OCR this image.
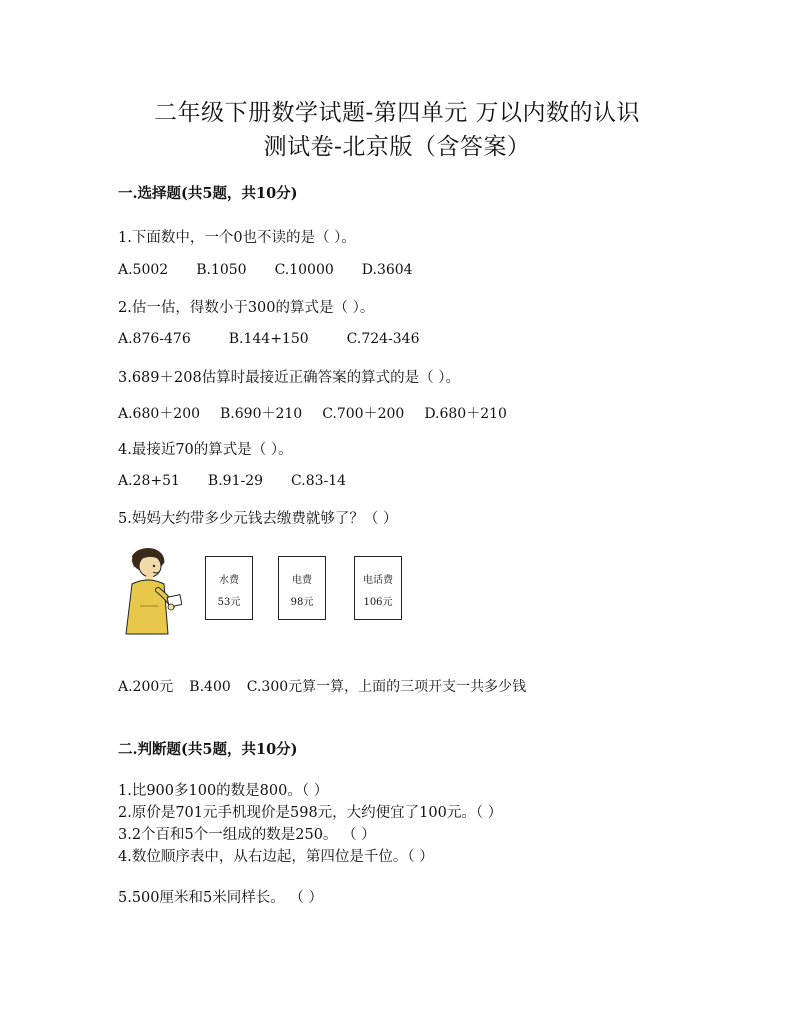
二年级下册数学试题-第四单元 万以内数的认识
测试卷-北京版（含答案）
一.选择题(共5题，共10分)
1.下面数中，一个0也不读的是（ ）。
A.5002 B.1050 C.10000 D.3604
2.估一估，得数小于300的算式是（ ）。
A.876-476	B.144+150	C.724-346
3.689＋208估算时最接近正确答案的算式的是（ ）。
A.680＋200 B.690＋210 C.700＋200 D.680＋210
4.最接近70的算式是（ ）。
A.28+51 B.91-29 C.83-14
5.妈妈大约带多少元钱去缴费就够了？（ ）
水费
53元
电费
98元
电话费
106元
A.200元 B.400 C.300元算一算，上面的三项开支一共多少钱
二.判断题(共5题，共10分)
1.比900多100的数是800。（ ）
2.原价是701元手机现价是598元，大约便宜了100元。（ ）
3.2个百和5个一组成的数是250。 （ ）
4.数位顺序表中，从右边起，第四位是千位。（ ）
5.500厘米和5米同样长。 （ ）
